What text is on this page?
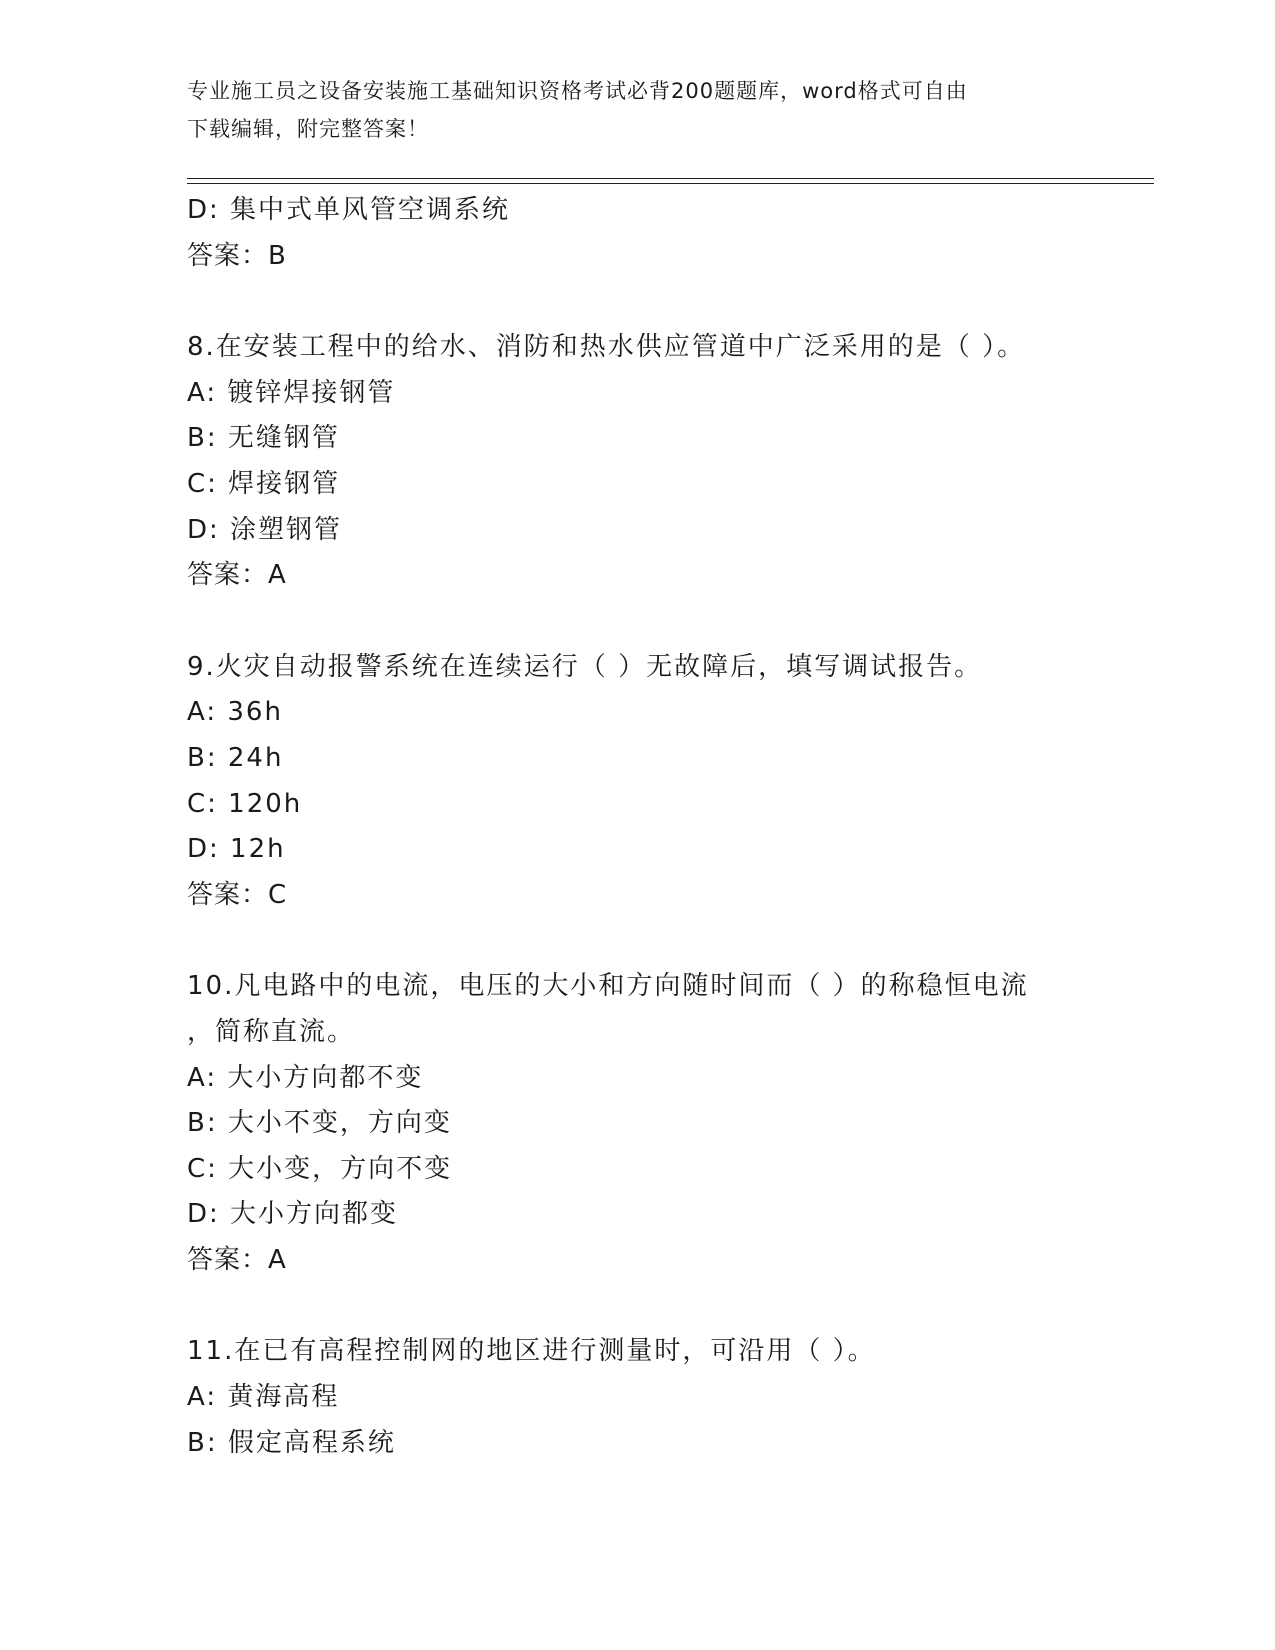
专业施工员之设备安装施工基础知识资格考试必背200题题库，word格式可自由
下载编辑，附完整答案！
D: 集中式单风管空调系统
答案：B
8.在安装工程中的给水、消防和热水供应管道中广泛采用的是（ ）。
A: 镀锌焊接钢管
B: 无缝钢管
C: 焊接钢管
D: 涂塑钢管
答案：A
9.火灾自动报警系统在连续运行（ ）无故障后，填写调试报告。
A: 36h
B: 24h
C: 120h
D: 12h
答案：C
10.凡电路中的电流，电压的大小和方向随时间而（ ）的称稳恒电流
，简称直流。
A: 大小方向都不变
B: 大小不变，方向变
C: 大小变，方向不变
D: 大小方向都变
答案：A
11.在已有高程控制网的地区进行测量时，可沿用（ ）。
A: 黄海高程
B: 假定高程系统
